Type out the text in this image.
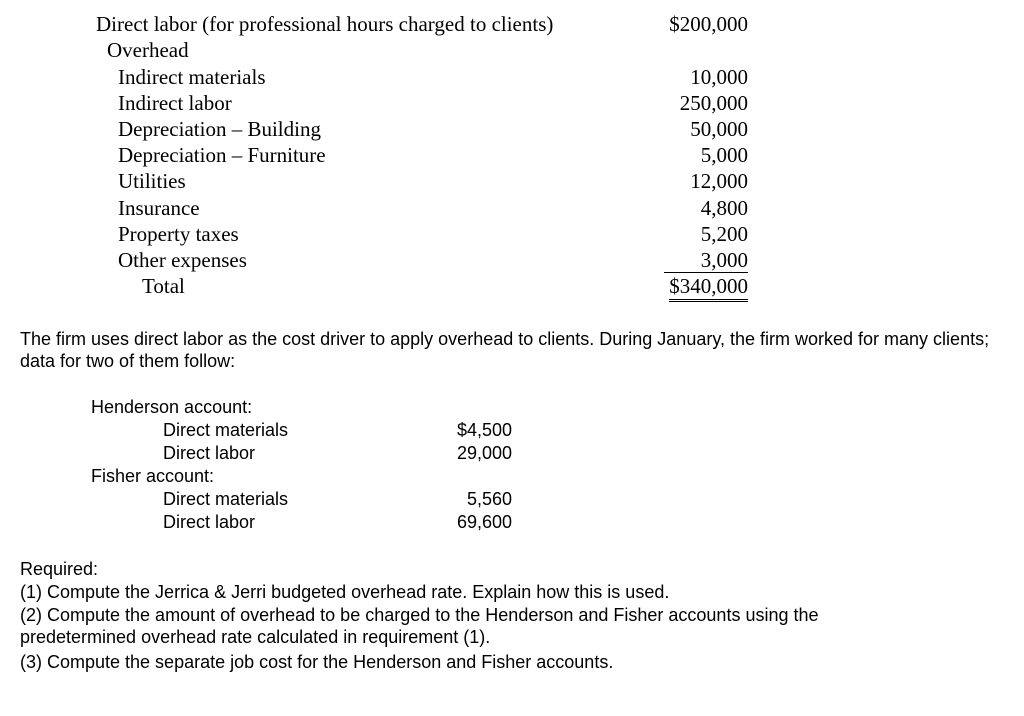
Direct labor (for professional hours charged to clients)	$200,000
Overhead
Indirect materials	10,000
Indirect labor	250,000
Depreciation – Building	50,000
Depreciation – Furniture	5,000
Utilities	12,000
Insurance	4,800
Property taxes	5,200
Other expenses	3,000
Total	$340,000
The firm uses direct labor as the cost driver to apply overhead to clients. During January, the firm worked for many clients; data for two of them follow:
Henderson account:
Direct materials	$4,500
Direct labor	29,000
Fisher account:
Direct materials	5,560
Direct labor	69,600
Required:
(1) Compute the Jerrica & Jerri budgeted overhead rate. Explain how this is used.
(2) Compute the amount of overhead to be charged to the Henderson and Fisher accounts using the predetermined overhead rate calculated in requirement (1).
(3) Compute the separate job cost for the Henderson and Fisher accounts.
